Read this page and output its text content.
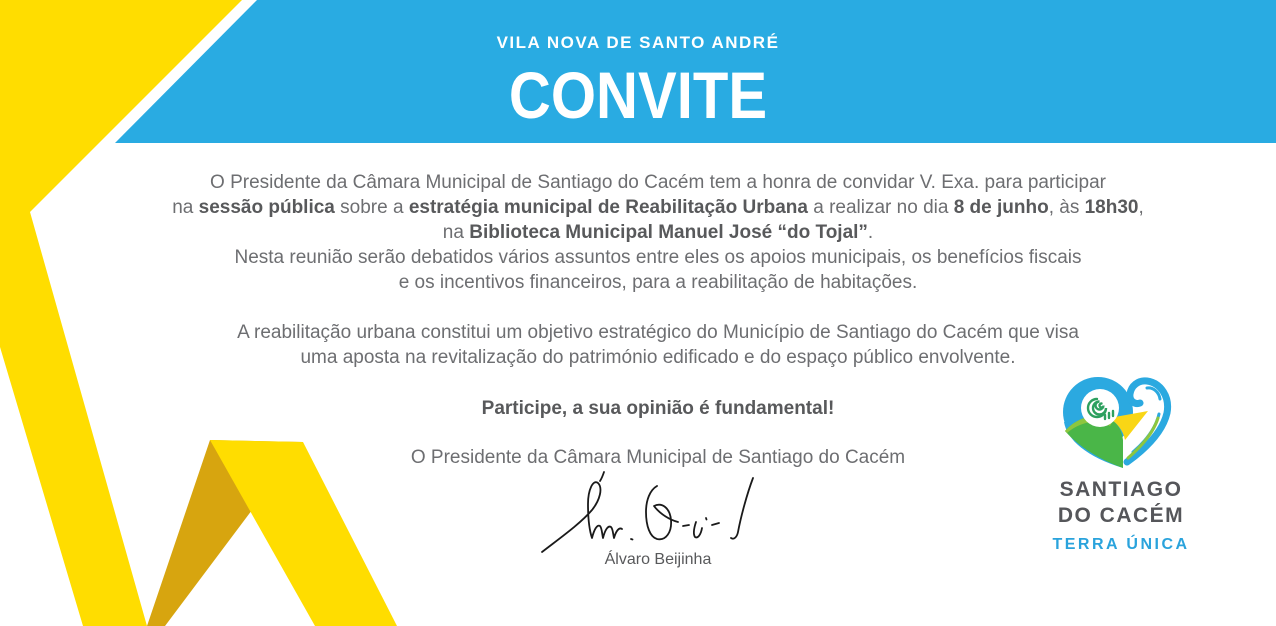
VILA NOVA DE SANTO ANDRÉ
CONVITE
O Presidente da Câmara Municipal de Santiago do Cacém tem a honra de convidar V. Exa. para participar
na sessão pública sobre a estratégia municipal de Reabilitação Urbana a realizar no dia 8 de junho, às 18h30,
na Biblioteca Municipal Manuel José “do Tojal”.
Nesta reunião serão debatidos vários assuntos entre eles os apoios municipais, os benefícios fiscais
e os incentivos financeiros, para a reabilitação de habitações.
A reabilitação urbana constitui um objetivo estratégico do Município de Santiago do Cacém que visa
uma aposta na revitalização do património edificado e do espaço público envolvente.
Participe, a sua opinião é fundamental!
O Presidente da Câmara Municipal de Santiago do Cacém
Álvaro Beijinha
SANTIAGO
DO CACÉM
TERRA ÚNICA
